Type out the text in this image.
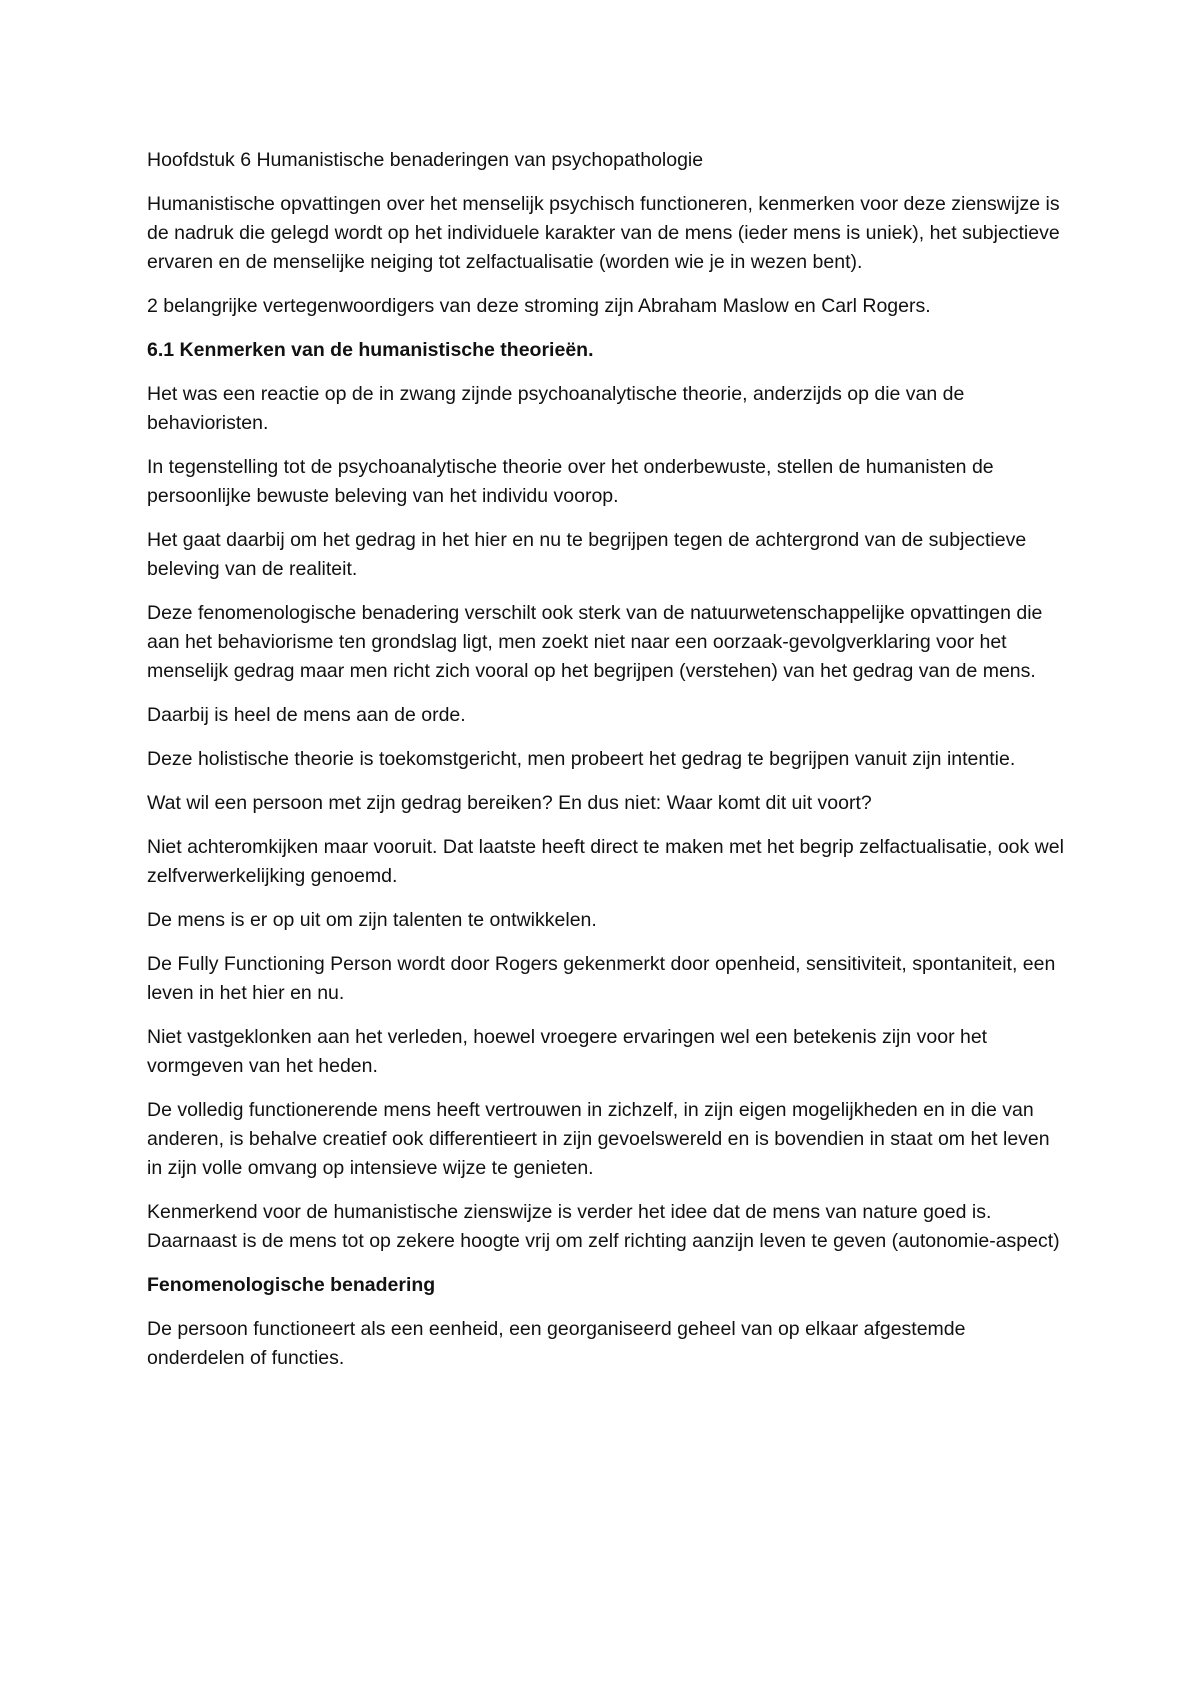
Hoofdstuk 6 Humanistische benaderingen van psychopathologie

Humanistische opvattingen over het menselijk psychisch functioneren, kenmerken voor deze zienswijze is de nadruk die gelegd wordt op het individuele karakter van de mens (ieder mens is uniek), het subjectieve ervaren en de menselijke neiging tot zelfactualisatie (worden wie je in wezen bent).

2 belangrijke vertegenwoordigers van deze stroming zijn Abraham Maslow en Carl Rogers.

6.1 Kenmerken van de humanistische theorieën.

Het was een reactie op de in zwang zijnde psychoanalytische theorie, anderzijds op die van de behavioristen.

In tegenstelling tot de psychoanalytische theorie over het onderbewuste, stellen de humanisten de persoonlijke bewuste beleving van het individu voorop.

Het gaat daarbij om het gedrag in het hier en nu te begrijpen tegen de achtergrond van de subjectieve beleving van de realiteit.

Deze fenomenologische benadering verschilt ook sterk van de natuurwetenschappelijke opvattingen die aan het behaviorisme ten grondslag ligt, men zoekt niet naar een oorzaak-gevolgverklaring voor het menselijk gedrag maar men richt zich vooral op het begrijpen (verstehen) van het gedrag van de mens.

Daarbij is heel de mens aan de orde.

Deze holistische theorie is toekomstgericht, men probeert het gedrag te begrijpen vanuit zijn intentie.

Wat wil een persoon met zijn gedrag bereiken? En dus niet: Waar komt dit uit voort?

Niet achteromkijken maar vooruit. Dat laatste heeft direct te maken met het begrip zelfactualisatie, ook wel zelfverwerkelijking genoemd.

De mens is er op uit om zijn talenten te ontwikkelen.

De Fully Functioning Person wordt door Rogers gekenmerkt door openheid, sensitiviteit, spontaniteit, een leven in het hier en nu.

Niet vastgeklonken aan het verleden, hoewel vroegere ervaringen wel een betekenis zijn voor het vormgeven van het heden.

De volledig functionerende mens heeft vertrouwen in zichzelf, in zijn eigen mogelijkheden en in die van anderen, is behalve creatief ook differentieert in zijn gevoelswereld en is bovendien in staat om het leven in zijn volle omvang op intensieve wijze te genieten.

Kenmerkend voor de humanistische zienswijze is verder het idee dat de mens van nature goed is. Daarnaast is de mens tot op zekere hoogte vrij om zelf richting aanzijn leven te geven (autonomie-aspect)

Fenomenologische benadering

De persoon functioneert als een eenheid, een georganiseerd geheel van op elkaar afgestemde onderdelen of functies.
